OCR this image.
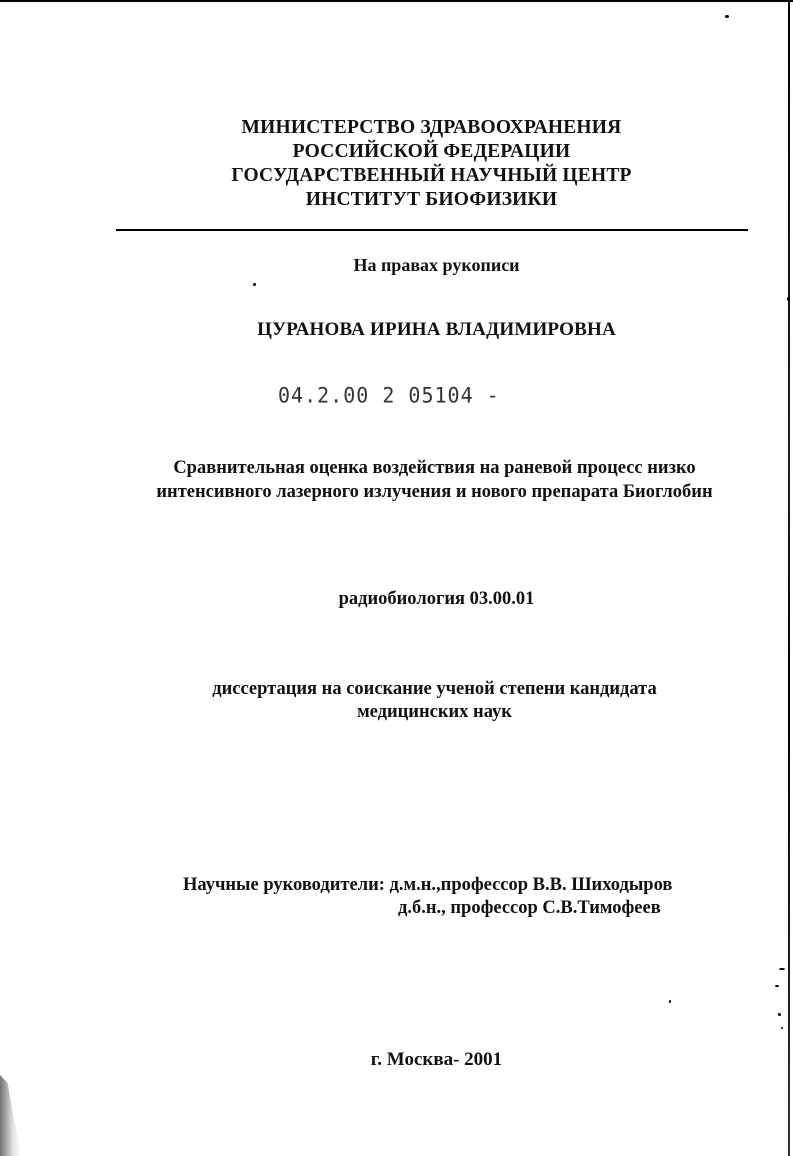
МИНИСТЕРСТВО ЗДРАВООХРАНЕНИЯ
РОССИЙСКОЙ ФЕДЕРАЦИИ
ГОСУДАРСТВЕННЫЙ НАУЧНЫЙ ЦЕНТР
ИНСТИТУТ БИОФИЗИКИ
На правах рукописи
ЦУРАНОВА ИРИНА ВЛАДИМИРОВНА
04.2.00 2 05104 -
Сравнительная оценка воздействия на раневой процесс низко
интенсивного лазерного излучения и нового препарата Биоглобин
радиобиология 03.00.01
диссертация на соискание ученой степени кандидата
медицинских наук
Научные руководители: д.м.н.,профессор В.В. Шиходыров
д.б.н., профессор С.В.Тимофеев
г. Москва- 2001
